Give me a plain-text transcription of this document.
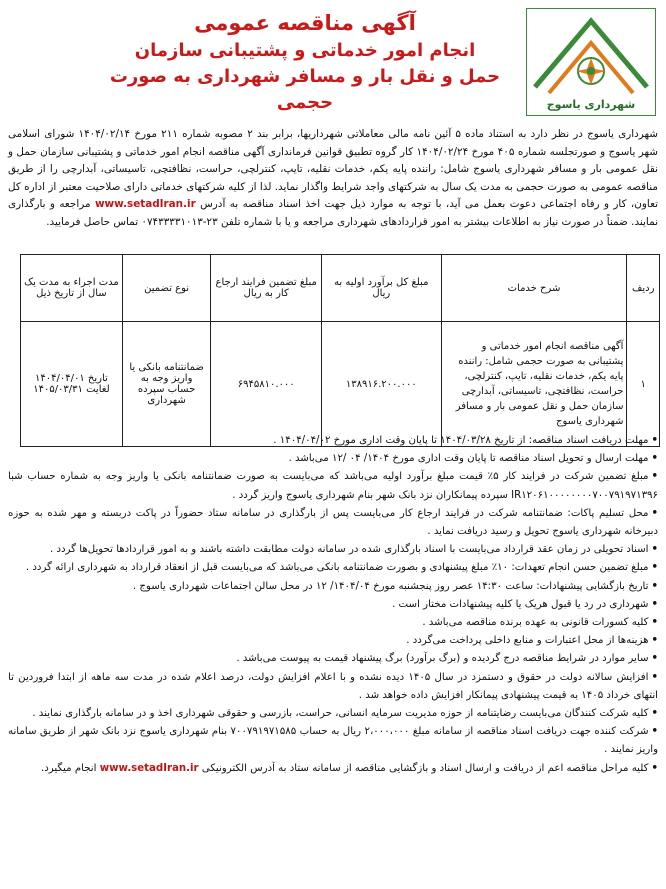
شهرداری یاسوج
آگهی مناقصه عمومی
انجام امور خدماتی و پشتیبانی سازمان
حمل و نقل بار و مسافر شهرداری به صورت حجمی
شهرداری یاسوج در نظر دارد به استناد ماده ۵ آئین نامه مالی معاملاتی شهرداریها، برابر بند ۲ مصوبه شماره ۲۱۱ مورخ ۱۴۰۴/۰۲/۱۴ شورای اسلامی شهر یاسوج و صورتجلسه شماره ۴۰۵ مورخ ۱۴۰۴/۰۲/۲۴ کار گروه تطبیق قوانین فرمانداری آگهی مناقصه انجام امور خدماتی و پشتیبانی سازمان حمل و نقل عمومی بار و مسافر شهرداری یاسوج شامل: راننده پایه یکم، خدمات نقلیه، تایپ، کنترلچی، حراست، نظافتچی، تاسیساتی، آبدارچی را از طریق مناقصه عمومی به صورت حجمی به مدت یک سال به شرکتهای واجد شرایط واگذار نماید. لذا از کلیه شرکتهای خدماتی دارای صلاحیت معتبر از اداره کل تعاون، کار و رفاه اجتماعی دعوت بعمل می آید، با توجه به موارد ذیل جهت اخذ اسناد مناقصه به آدرس www.setadIran.ir مراجعه و بارگذاری نمایند. ضمناً در صورت نیاز به اطلاعات بیشتر به امور قراردادهای شهرداری مراجعه و یا با شماره تلفن ۲۳-۰۷۴۳۳۳۳۱۰۱۳ تماس حاصل فرمایید.
ردیف	شرح خدمات	مبلغ کل برآورد اولیه به ریال	مبلغ تضمین فرایند ارجاع کار به ریال	نوع تضمین	مدت اجراء به مدت یک سال از تاریخ ذیل
۱	آگهی مناقصه انجام امور خدماتی و پشتیبانی به صورت حجمی شامل: راننده پایه یکم، خدمات نقلیه، تایپ، کنترلچی، حراست، نظافتچی، تاسیساتی، آبدارچی سازمان حمل و نقل عمومی بار و مسافر شهرداری یاسوج	۱۳۸۹۱۶.۲۰۰.۰۰۰	۶۹۴۵۸۱۰.۰۰۰	ضمانتنامه بانکی یا واریز وجه به حساب سپرده شهرداری	تاریخ ۱۴۰۴/۰۴/۰۱ لغایت ۱۴۰۵/۰۳/۳۱

•مهلت دریافت اسناد مناقصه: از تاریخ ۱۴۰۴/۰۳/۲۸ تا پایان وقت اداری مورخ ۱۴۰۴/۰۴/۰۲ .

•مهلت ارسال و تحویل اسناد مناقصه تا پایان وقت اداری مورخ ۱۴۰۴/ ۰۴ /۱۲ می‌باشد .

•مبلغ تضمین شرکت در فرایند کار ۵٪ قیمت مبلغ برآورد اولیه می‌باشد که می‌بایست به صورت ضمانتنامه بانکی یا واریز وجه به شماره حساب شبا IR۱۲۰۶۱۰۰۰۰۰۰۰۰۷۰۰۷۹۱۹۷۱۳۹۶ سپرده پیمانکاران نزد بانک شهر بنام شهرداری یاسوج واریز گردد .

•محل تسلیم پاکات: ضمانتنامه شرکت در فرایند ارجاع کار می‌بایست پس از بارگذاری در سامانه ستاد حضوراً در پاکت دربسته و مهر شده به حوزه دبیرخانه شهرداری یاسوج تحویل و رسید دریافت نماید .

•اسناد تحویلی در زمان عقد قرارداد می‌بایست با اسناد بارگذاری شده در سامانه دولت مطابقت داشته باشند و به امور قراردادها تحویل‌ها گردد .

•مبلغ تضمین حسن انجام تعهدات: ۱۰٪ مبلغ پیشنهادی و بصورت ضمانتنامه بانکی می‌باشد که می‌بایست قبل از انعقاد قرارداد به شهرداری ارائه گردد .

•تاریخ بازگشایی پیشنهادات: ساعت ۱۴:۳۰ عصر روز پنجشنبه مورخ ۱۴۰۴/۰۴/ ۱۲ در محل سالن اجتماعات شهرداری یاسوج .

•شهرداری در رد یا قبول هریک یا کلیه پیشنهادات مختار است .

•کلیه کسورات قانونی به عهده برنده مناقصه می‌باشد .

•هزینه‌ها از محل اعتبارات و منابع داخلی پرداخت می‌گردد .

•سایر موارد در شرایط مناقصه درج گردیده و (برگ برآورد) برگ پیشنهاد قیمت به پیوست می‌باشد .

•افزایش سالانه دولت در حقوق و دستمزد در سال ۱۴۰۵ دیده نشده و با اعلام افزایش دولت، درصد اعلام شده در مدت سه ماهه از ابتدا فروردین تا انتهای خرداد ۱۴۰۵ به قیمت پیشنهادی پیمانکار افزایش داده خواهد شد .

•کلیه شرکت کنندگان می‌بایست رضایتنامه از حوزه مدیریت سرمایه انسانی، حراست، بازرسی و حقوقی شهرداری اخذ و در سامانه بارگذاری نمایند .

•شرکت کننده جهت دریافت اسناد مناقصه از سامانه مبلغ ۲،۰۰۰،۰۰۰ ریال به حساب ۷۰۰۷۹۱۹۷۱۵۸۵ بنام شهرداری یاسوج نزد بانک شهر از طریق سامانه واریز نمایند .

•کلیه مراحل مناقصه اعم از دریافت و ارسال اسناد و بازگشایی مناقصه از سامانه ستاد به آدرس الکترونیکی www.setadIran.ir انجام میگیرد.
